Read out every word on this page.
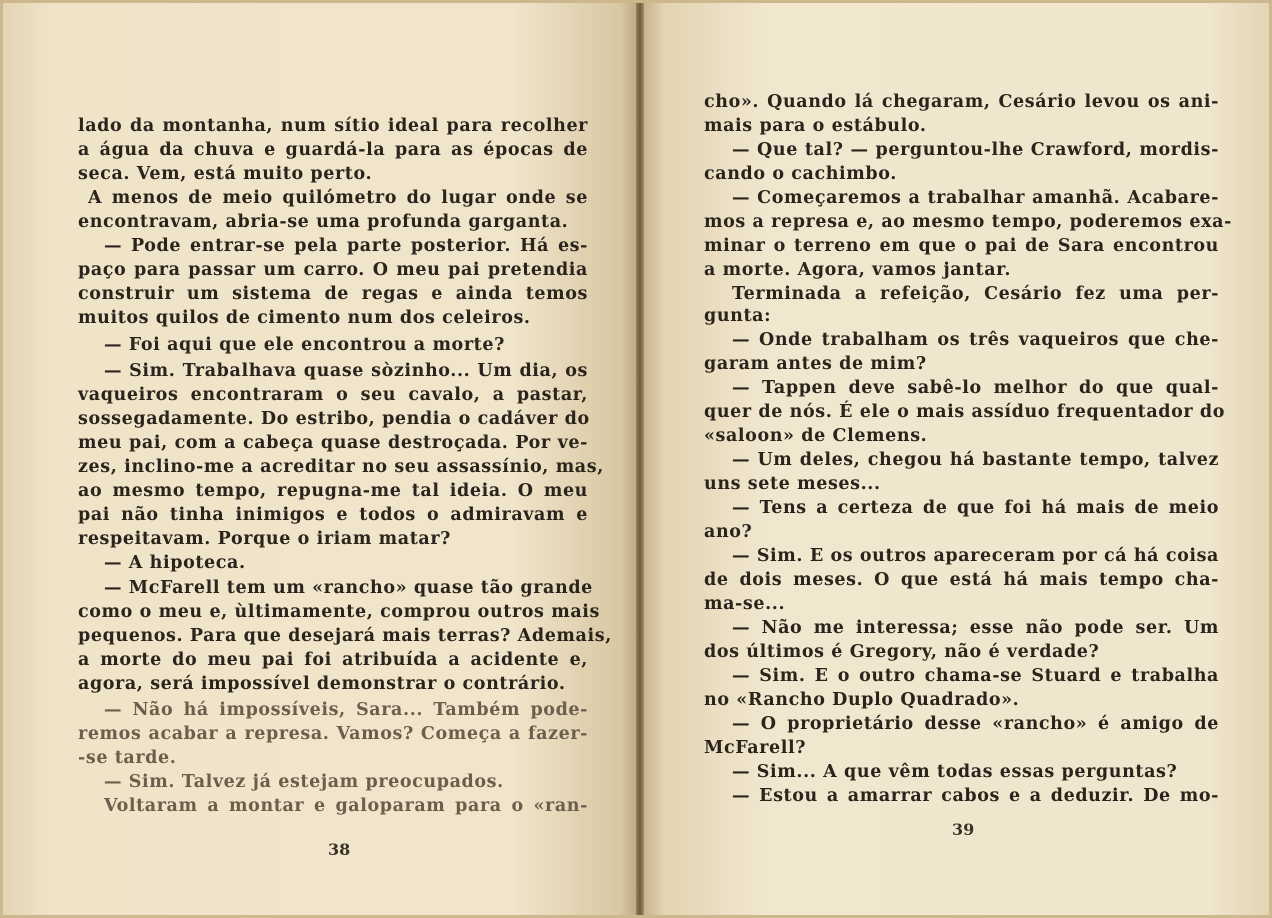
lado da montanha, num sítio ideal para recolher
a água da chuva e guardá-la para as épocas de
seca. Vem, está muito perto.
A menos de meio quilómetro do lugar onde se
encontravam, abria-se uma profunda garganta.
— Pode entrar-se pela parte posterior. Há es-
paço para passar um carro. O meu pai pretendia
construir um sistema de regas e ainda temos
muitos quilos de cimento num dos celeiros.
— Foi aqui que ele encontrou a morte?
— Sim. Trabalhava quase sòzinho... Um dia, os
vaqueiros encontraram o seu cavalo, a pastar,
sossegadamente. Do estribo, pendia o cadáver do
meu pai, com a cabeça quase destroçada. Por ve-
zes, inclino-me a acreditar no seu assassínio, mas,
ao mesmo tempo, repugna-me tal ideia. O meu
pai não tinha inimigos e todos o admiravam e
respeitavam. Porque o iriam matar?
— A hipoteca.
— McFarell tem um «rancho» quase tão grande
como o meu e, ùltimamente, comprou outros mais
pequenos. Para que desejará mais terras? Ademais,
a morte do meu pai foi atribuída a acidente e,
agora, será impossível demonstrar o contrário.
— Não há impossíveis, Sara... Também pode-
remos acabar a represa. Vamos? Começa a fazer-
-se tarde.
— Sim. Talvez já estejam preocupados.
Voltaram a montar e galoparam para o «ran-
38
cho». Quando lá chegaram, Cesário levou os ani-
mais para o estábulo.
— Que tal? — perguntou-lhe Crawford, mordis-
cando o cachimbo.
— Começaremos a trabalhar amanhã. Acabare-
mos a represa e, ao mesmo tempo, poderemos exa-
minar o terreno em que o pai de Sara encontrou
a morte. Agora, vamos jantar.
Terminada a refeição, Cesário fez uma per-
gunta:
— Onde trabalham os três vaqueiros que che-
garam antes de mim?
— Tappen deve sabê-lo melhor do que qual-
quer de nós. É ele o mais assíduo frequentador do
«saloon» de Clemens.
— Um deles, chegou há bastante tempo, talvez
uns sete meses...
— Tens a certeza de que foi há mais de meio
ano?
— Sim. E os outros apareceram por cá há coisa
de dois meses. O que está há mais tempo cha-
ma-se...
— Não me interessa; esse não pode ser. Um
dos últimos é Gregory, não é verdade?
— Sim. E o outro chama-se Stuard e trabalha
no «Rancho Duplo Quadrado».
— O proprietário desse «rancho» é amigo de
McFarell?
— Sim... A que vêm todas essas perguntas?
— Estou a amarrar cabos e a deduzir. De mo-
39
